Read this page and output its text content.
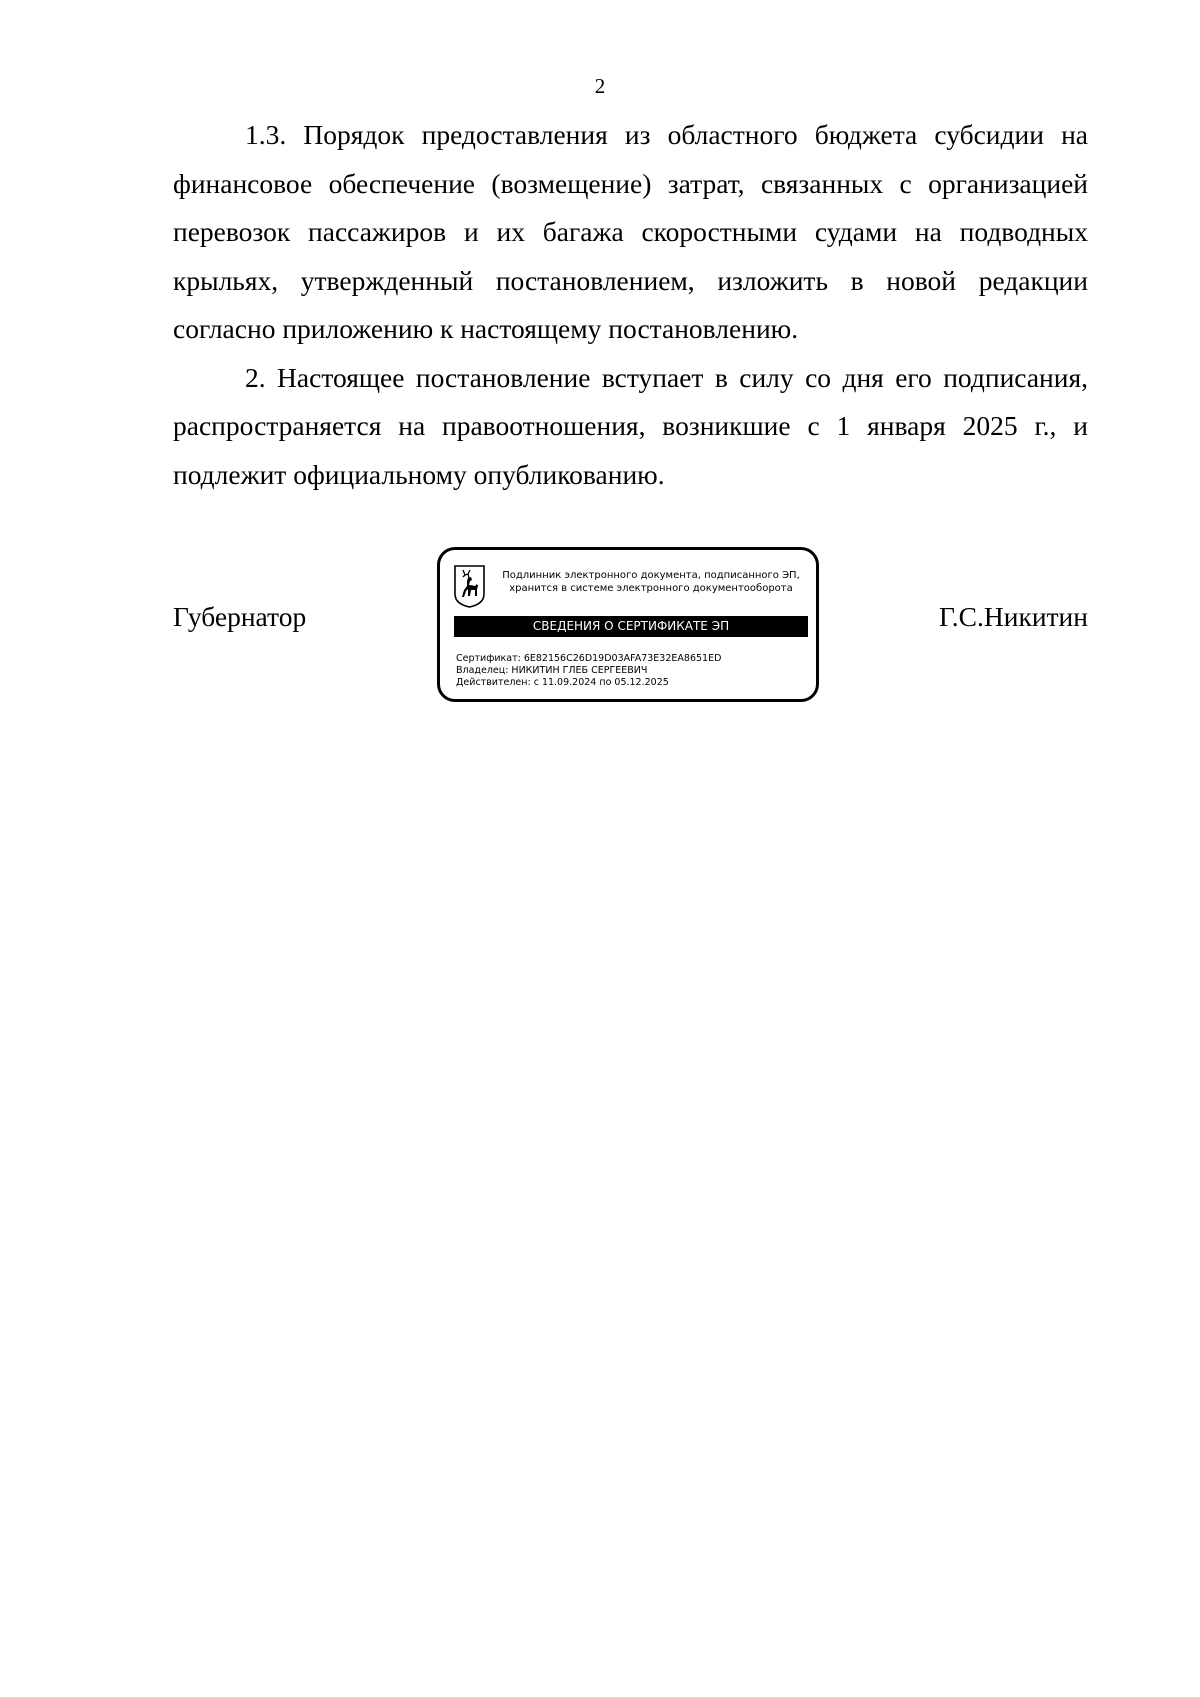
2

1.3. Порядок предоставления из областного бюджета субсидии на финансовое обеспечение (возмещение) затрат, связанных с организацией перевозок пассажиров и их багажа скоростными судами на подводных крыльях, утвержденный постановлением, изложить в новой редакции согласно приложению к настоящему постановлению.

2. Настоящее постановление вступает в силу со дня его подписания, распространяется на правоотношения, возникшие с 1 января 2025 г., и подлежит официальному опубликованию.

Губернатор
Подлинник электронного документа, подписанного ЭП,
хранится в системе электронного документооборота
СВЕДЕНИЯ О СЕРТИФИКАТЕ ЭП
Сертификат: 6E82156C26D19D03AFA73E32EA8651ED
Владелец: НИКИТИН ГЛЕБ СЕРГЕЕВИЧ
Действителен: с 11.09.2024 по 05.12.2025
Г.С.Никитин
